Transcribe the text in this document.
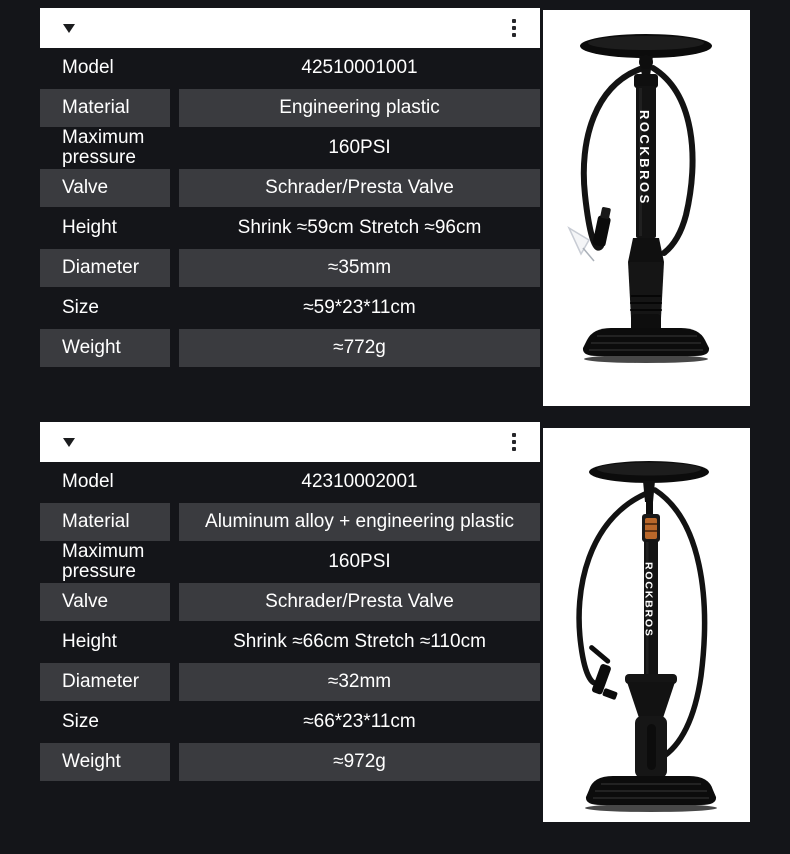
Model	42510001001
Material	Engineering plastic
Maximum pressure	160PSI
Valve	Schrader/Presta Valve
Height	Shrink ≈59cm Stretch ≈96cm
Diameter	≈35mm
Size	≈59*23*11cm
Weight	≈772g
ROCKBROS
Model	42310002001
Material	Aluminum alloy + engineering plastic
Maximum pressure	160PSI
Valve	Schrader/Presta Valve
Height	Shrink ≈66cm Stretch ≈110cm
Diameter	≈32mm
Size	≈66*23*11cm
Weight	≈972g
ROCKBROS
